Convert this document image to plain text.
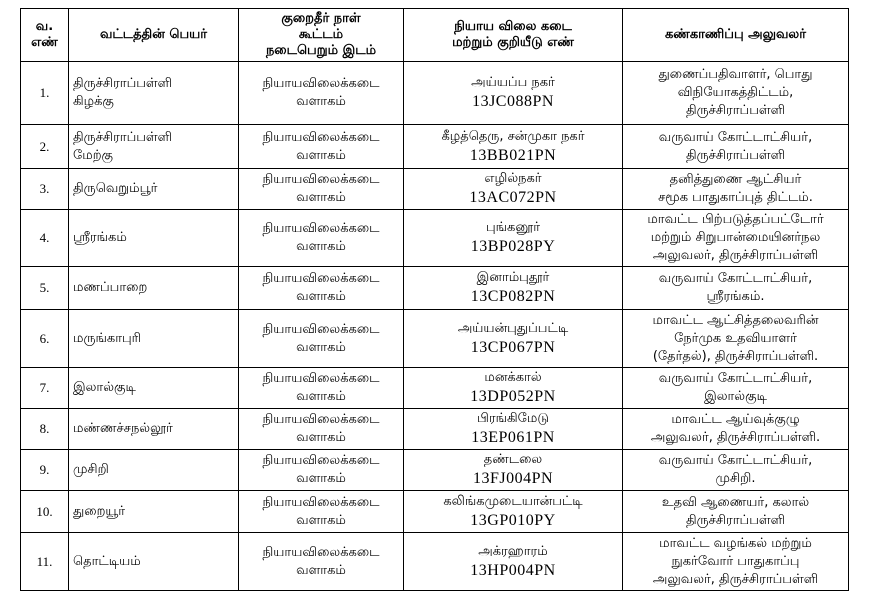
வ.
எண்	வட்டத்தின் பெயர்	குறைதீர் நாள்
கூட்டம்
நடைபெறும் இடம்	நியாய விலை கடை
மற்றும் குறியீடு எண்	கண்காணிப்பு அலுவலர்

1.	திருச்சிராப்பள்ளி
கிழக்கு	நியாயவிலைக்கடை
வளாகம்	அய்யப்ப நகர்
13JC088PN	துணைப்பதிவாளர், பொது
விநியோகத்திட்டம்,
திருச்சிராப்பள்ளி

2.	திருச்சிராப்பள்ளி
மேற்கு	நியாயவிலைக்கடை
வளாகம்	கீழத்தெரு, சன்முகா நகர்
13BB021PN	வருவாய் கோட்டாட்சியர்,
திருச்சிராப்பள்ளி

3.	திருவெறும்பூர்	நியாயவிலைக்கடை
வளாகம்	எழில்நகர்
13AC072PN	தனித்துணை ஆட்சியர்
சமூக பாதுகாப்புத் திட்டம்.

4.	ஸ்ரீரங்கம்	நியாயவிலைக்கடை
வளாகம்	புங்கனூர்
13BP028PY	மாவட்ட பிற்படுத்தப்பட்டோர்
மற்றும் சிறுபான்மையினர்நல
அலுவலர், திருச்சிராப்பள்ளி

5.	மணப்பாறை	நியாயவிலைக்கடை
வளாகம்	இனாம்புதூர்
13CP082PN	வருவாய் கோட்டாட்சியர்,
ஸ்ரீரங்கம்.

6.	மருங்காபுரி	நியாயவிலைக்கடை
வளாகம்	அய்யன்புதுப்பட்டி
13CP067PN	மாவட்ட ஆட்சித்தலைவரின்
நேர்முக உதவியாளர்
(தேர்தல்), திருச்சிராப்பள்ளி.

7.	இலால்குடி	நியாயவிலைக்கடை
வளாகம்	மனக்கால்
13DP052PN	வருவாய் கோட்டாட்சியர்,
இலால்குடி

8.	மண்ணச்சநல்லூர்	நியாயவிலைக்கடை
வளாகம்	பிரங்கிமேடு
13EP061PN	மாவட்ட ஆய்வுக்குழு
அலுவலர், திருச்சிராப்பள்ளி.

9.	முசிறி	நியாயவிலைக்கடை
வளாகம்	தண்டலை
13FJ004PN	வருவாய் கோட்டாட்சியர்,
முசிறி.

10.	துறையூர்	நியாயவிலைக்கடை
வளாகம்	கலிங்கமுடையான்பட்டி
13GP010PY	உதவி ஆணையர், கலால்
திருச்சிராப்பள்ளி

11.	தொட்டியம்	நியாயவிலைக்கடை
வளாகம்	அக்ரஹாரம்
13HP004PN	மாவட்ட வழங்கல் மற்றும்
நுகர்வோர் பாதுகாப்பு
அலுவலர், திருச்சிராப்பள்ளி
